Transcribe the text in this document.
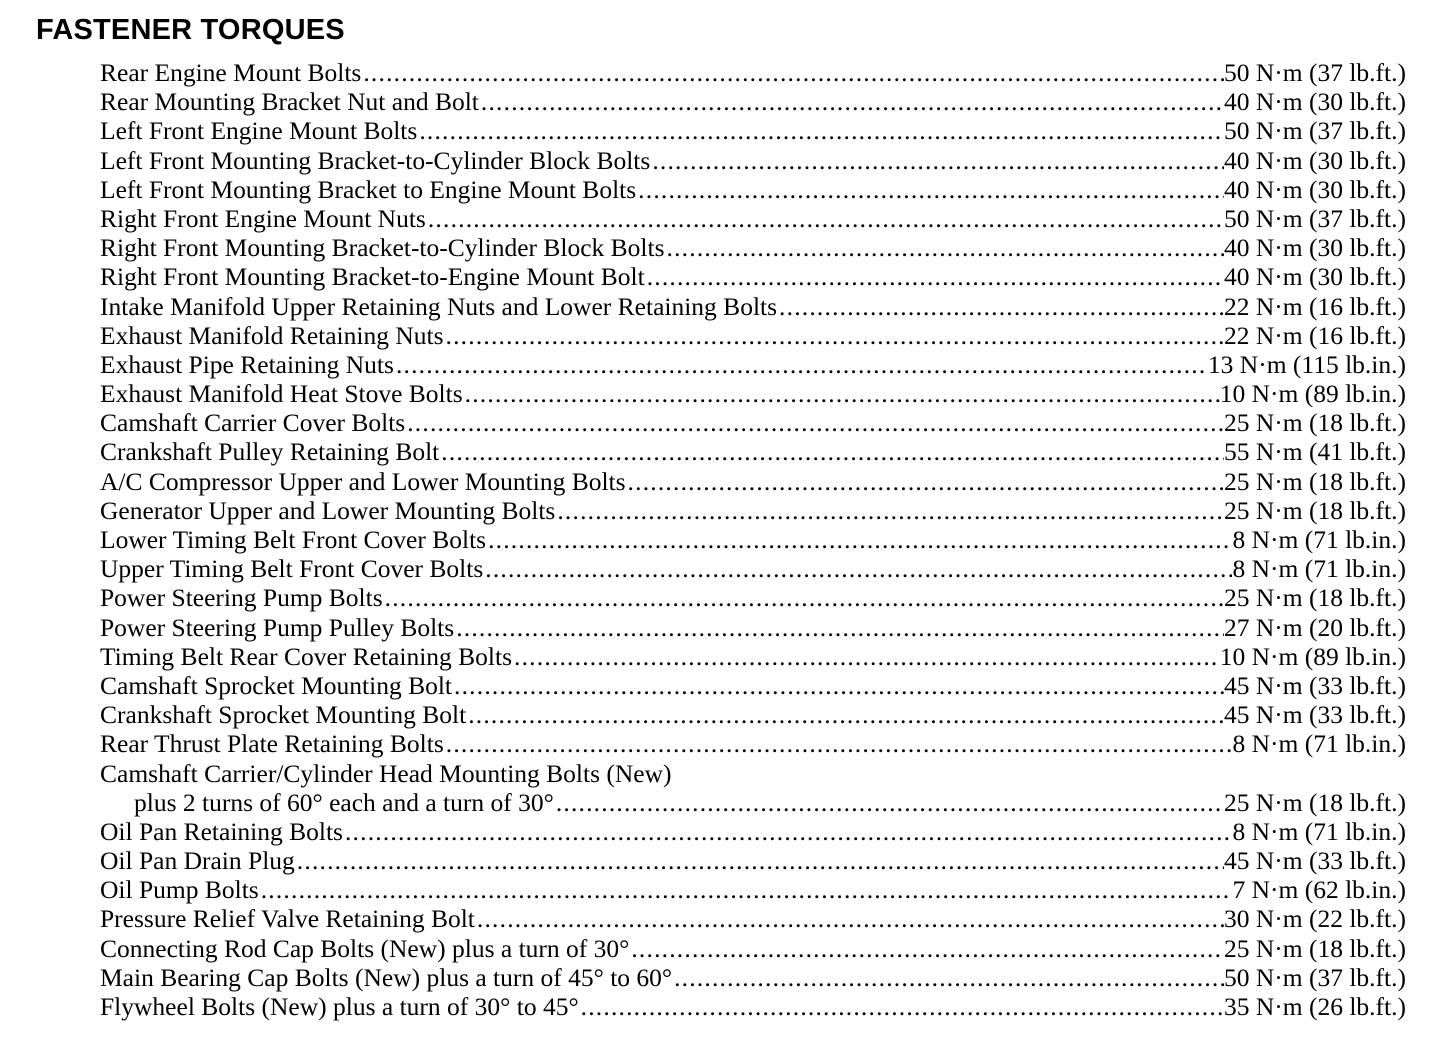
FASTENER TORQUES
Rear Engine Mount Bolts .....	50 N·m (37 lb.ft.)
Rear Mounting Bracket Nut and Bolt .....	40 N·m (30 lb.ft.)
Left Front Engine Mount Bolts .....	50 N·m (37 lb.ft.)
Left Front Mounting Bracket-to-Cylinder Block Bolts .....	40 N·m (30 lb.ft.)
Left Front Mounting Bracket to Engine Mount Bolts .....	40 N·m (30 lb.ft.)
Right Front Engine Mount Nuts .....	50 N·m (37 lb.ft.)
Right Front Mounting Bracket-to-Cylinder Block Bolts .....	40 N·m (30 lb.ft.)
Right Front Mounting Bracket-to-Engine Mount Bolt .....	40 N·m (30 lb.ft.)
Intake Manifold Upper Retaining Nuts and Lower Retaining Bolts .....	22 N·m (16 lb.ft.)
Exhaust Manifold Retaining Nuts .....	22 N·m (16 lb.ft.)
Exhaust Pipe Retaining Nuts .....	13 N·m (115 lb.in.)
Exhaust Manifold Heat Stove Bolts .....	10 N·m (89 lb.in.)
Camshaft Carrier Cover Bolts .....	25 N·m (18 lb.ft.)
Crankshaft Pulley Retaining Bolt .....	55 N·m (41 lb.ft.)
A/C Compressor Upper and Lower Mounting Bolts .....	25 N·m (18 lb.ft.)
Generator Upper and Lower Mounting Bolts .....	25 N·m (18 lb.ft.)
Lower Timing Belt Front Cover Bolts .....	8 N·m (71 lb.in.)
Upper Timing Belt Front Cover Bolts .....	8 N·m (71 lb.in.)
Power Steering Pump Bolts .....	25 N·m (18 lb.ft.)
Power Steering Pump Pulley Bolts .....	27 N·m (20 lb.ft.)
Timing Belt Rear Cover Retaining Bolts .....	10 N·m (89 lb.in.)
Camshaft Sprocket Mounting Bolt .....	45 N·m (33 lb.ft.)
Crankshaft Sprocket Mounting Bolt .....	45 N·m (33 lb.ft.)
Rear Thrust Plate Retaining Bolts .....	8 N·m (71 lb.in.)
Camshaft Carrier/Cylinder Head Mounting Bolts (New)
plus 2 turns of 60° each and a turn of 30° .....	25 N·m (18 lb.ft.)
Oil Pan Retaining Bolts .....	8 N·m (71 lb.in.)
Oil Pan Drain Plug .....	45 N·m (33 lb.ft.)
Oil Pump Bolts .....	7 N·m (62 lb.in.)
Pressure Relief Valve Retaining Bolt .....	30 N·m (22 lb.ft.)
Connecting Rod Cap Bolts (New) plus a turn of 30° .....	25 N·m (18 lb.ft.)
Main Bearing Cap Bolts (New) plus a turn of 45° to 60° .....	50 N·m (37 lb.ft.)
Flywheel Bolts (New) plus a turn of 30° to 45° .....	35 N·m (26 lb.ft.)
